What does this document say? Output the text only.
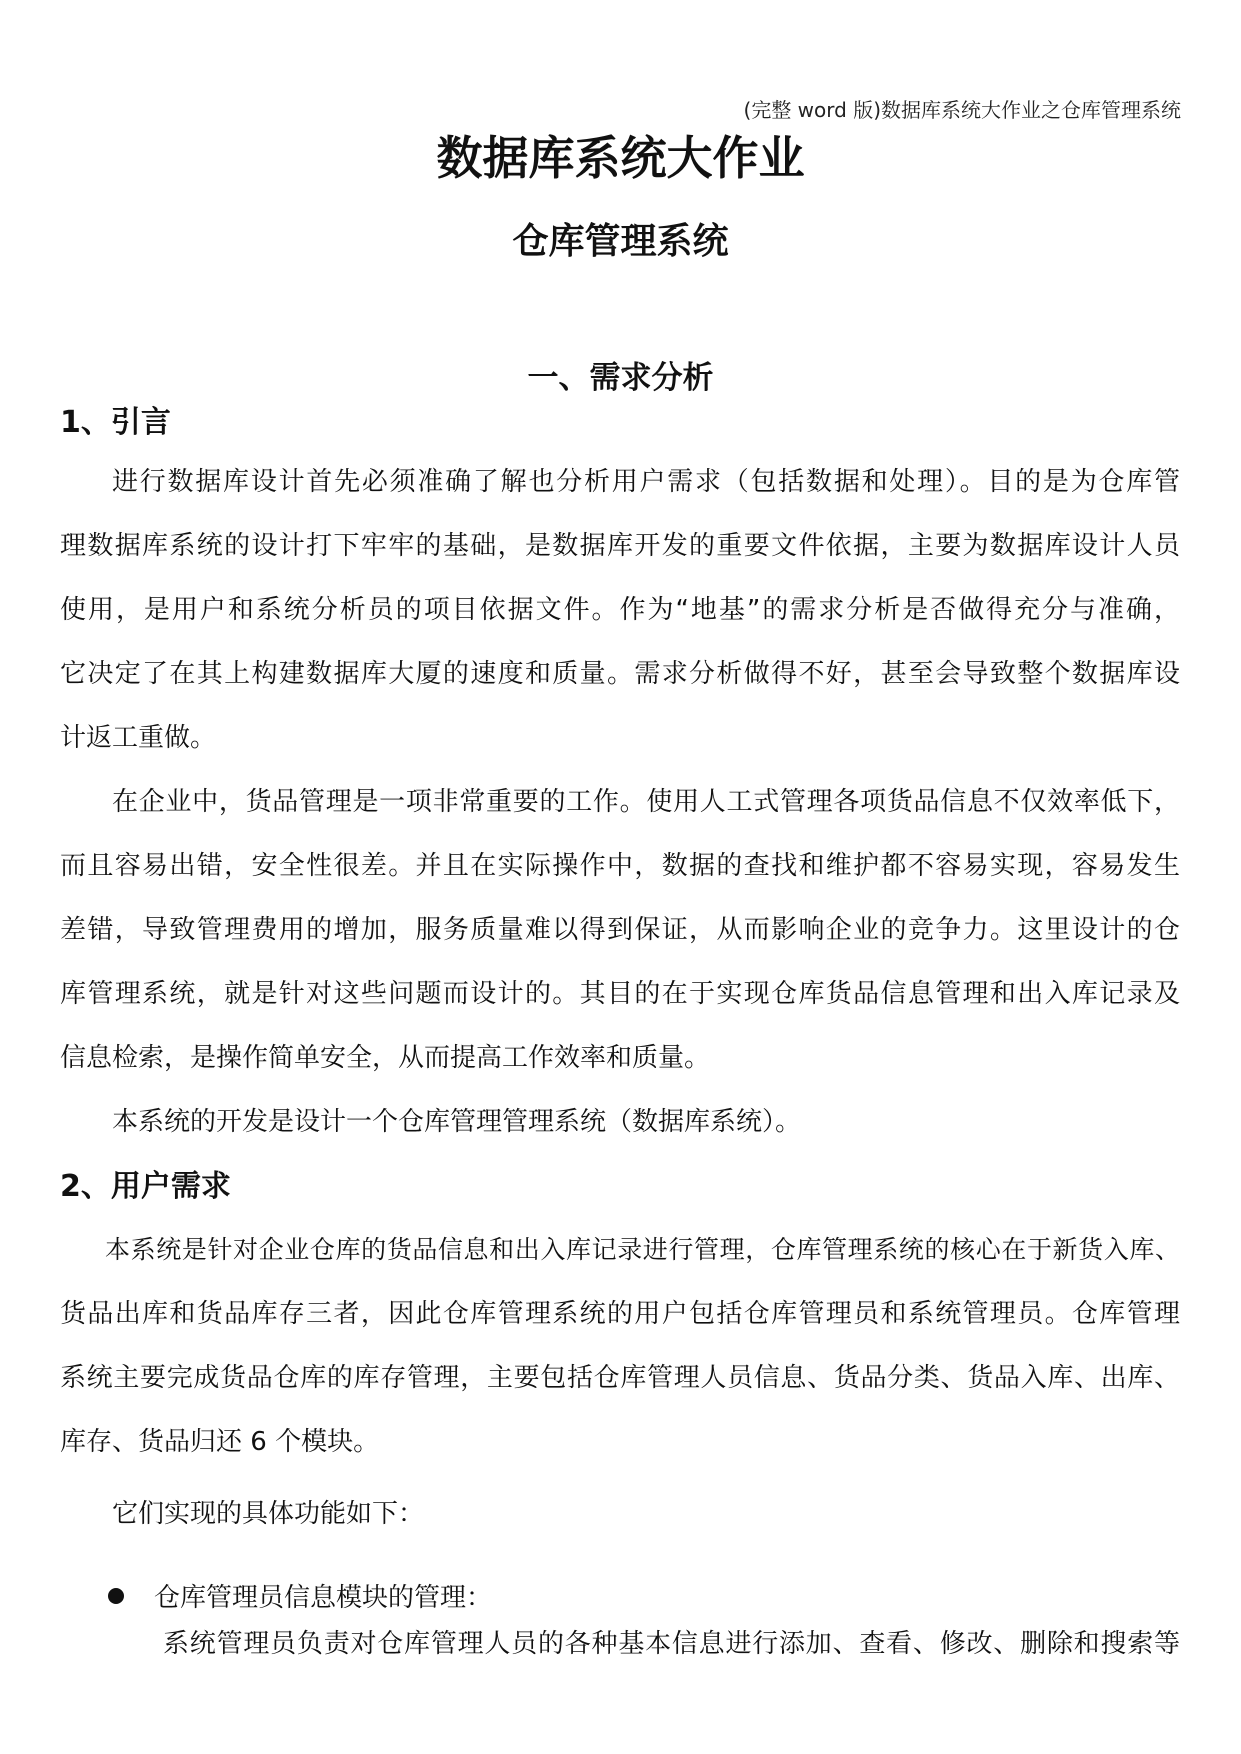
(完整 word 版)数据库系统大作业之仓库管理系统
数据库系统大作业
仓库管理系统
一、需求分析
1、引言
进行数据库设计首先必须准确了解也分析用户需求（包括数据和处理）。目的是为仓库管
理数据库系统的设计打下牢牢的基础，是数据库开发的重要文件依据，主要为数据库设计人员
使用，是用户和系统分析员的项目依据文件。作为“地基”的需求分析是否做得充分与准确，
它决定了在其上构建数据库大厦的速度和质量。需求分析做得不好，甚至会导致整个数据库设
计返工重做。
在企业中，货品管理是一项非常重要的工作。使用人工式管理各项货品信息不仅效率低下，
而且容易出错，安全性很差。并且在实际操作中，数据的查找和维护都不容易实现，容易发生
差错，导致管理费用的增加，服务质量难以得到保证，从而影响企业的竞争力。这里设计的仓
库管理系统，就是针对这些问题而设计的。其目的在于实现仓库货品信息管理和出入库记录及
信息检索，是操作简单安全，从而提高工作效率和质量。
本系统的开发是设计一个仓库管理管理系统（数据库系统）。
2、用户需求
本系统是针对企业仓库的货品信息和出入库记录进行管理，仓库管理系统的核心在于新货入库、
货品出库和货品库存三者，因此仓库管理系统的用户包括仓库管理员和系统管理员。仓库管理
系统主要完成货品仓库的库存管理，主要包括仓库管理人员信息、货品分类、货品入库、出库、
库存、货品归还 6 个模块。
它们实现的具体功能如下：
仓库管理员信息模块的管理：
系统管理员负责对仓库管理人员的各种基本信息进行添加、查看、修改、删除和搜索等
